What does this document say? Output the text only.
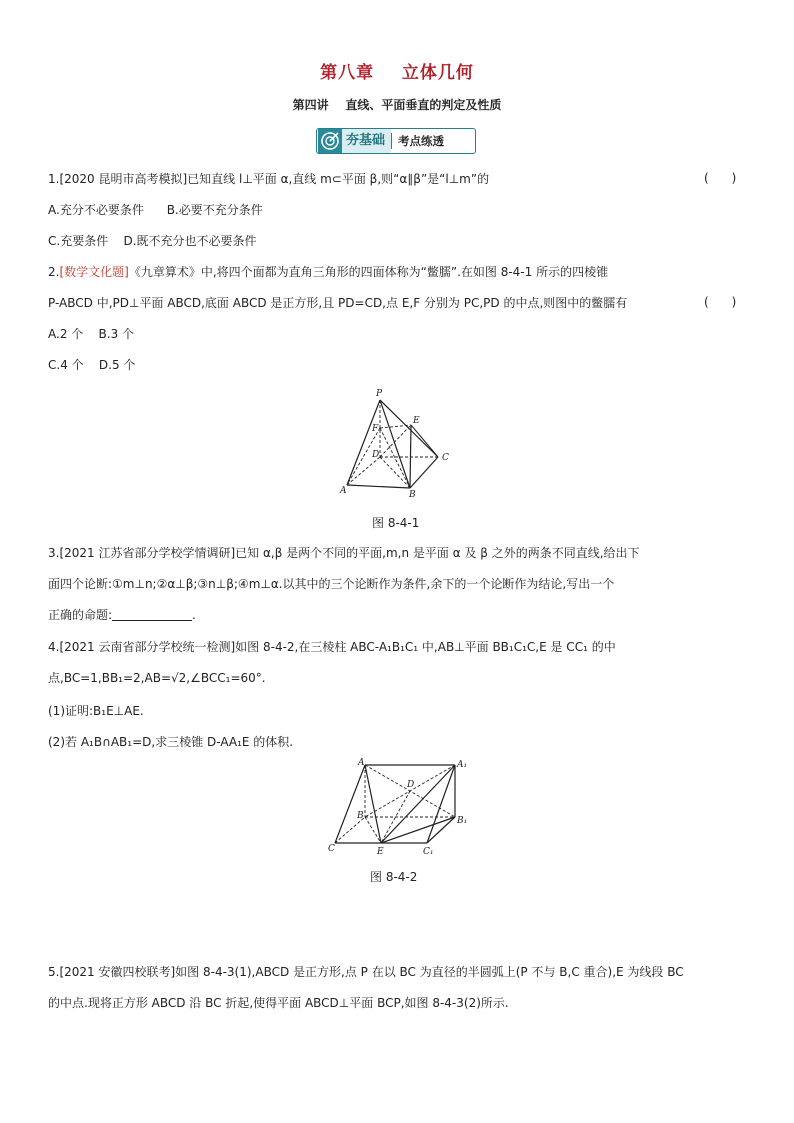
第八章    立体几何
第四讲    直线、平面垂直的判定及性质
夯基础	考点练透
1.[2020 昆明市高考模拟]已知直线 l⊥平面 α,直线 m⊂平面 β,则“α∥β”是“l⊥m”的	(      )
A.充分不必要条件      B.必要不充分条件
C.充要条件    D.既不充分也不必要条件
2.[数学文化题]《九章算术》中,将四个面都为直角三角形的四面体称为“鳖臑”.在如图 8-4-1 所示的四棱锥
P-ABCD 中,PD⊥平面 ABCD,底面 ABCD 是正方形,且 PD=CD,点 E,F 分别为 PC,PD 的中点,则图中的鳖臑有	(      )
A.2 个    B.3 个
C.4 个    D.5 个
P
E
F
D	C
A	B
图 8-4-1
3.[2021 江苏省部分学校学情调研]已知 α,β 是两个不同的平面,m,n 是平面 α 及 β 之外的两条不同直线,给出下
面四个论断:①m⊥n;②α⊥β;③n⊥β;④m⊥α.以其中的三个论断作为条件,余下的一个论断作为结论,写出一个
正确的命题:	.
4.[2021 云南省部分学校统一检测]如图 8-4-2,在三棱柱 ABC-A₁B₁C₁ 中,AB⊥平面 BB₁C₁C,E 是 CC₁ 的中
点,BC=1,BB₁=2,AB=√2,∠BCC₁=60°.
(1)证明:B₁E⊥AE.
(2)若 A₁B∩AB₁=D,求三棱锥 D-AA₁E 的体积.
A	A₁
D
B	B₁
C	E	C₁
图 8-4-2
5.[2021 安徽四校联考]如图 8-4-3(1),ABCD 是正方形,点 P 在以 BC 为直径的半圆弧上(P 不与 B,C 重合),E 为线段 BC
的中点.现将正方形 ABCD 沿 BC 折起,使得平面 ABCD⊥平面 BCP,如图 8-4-3(2)所示.
